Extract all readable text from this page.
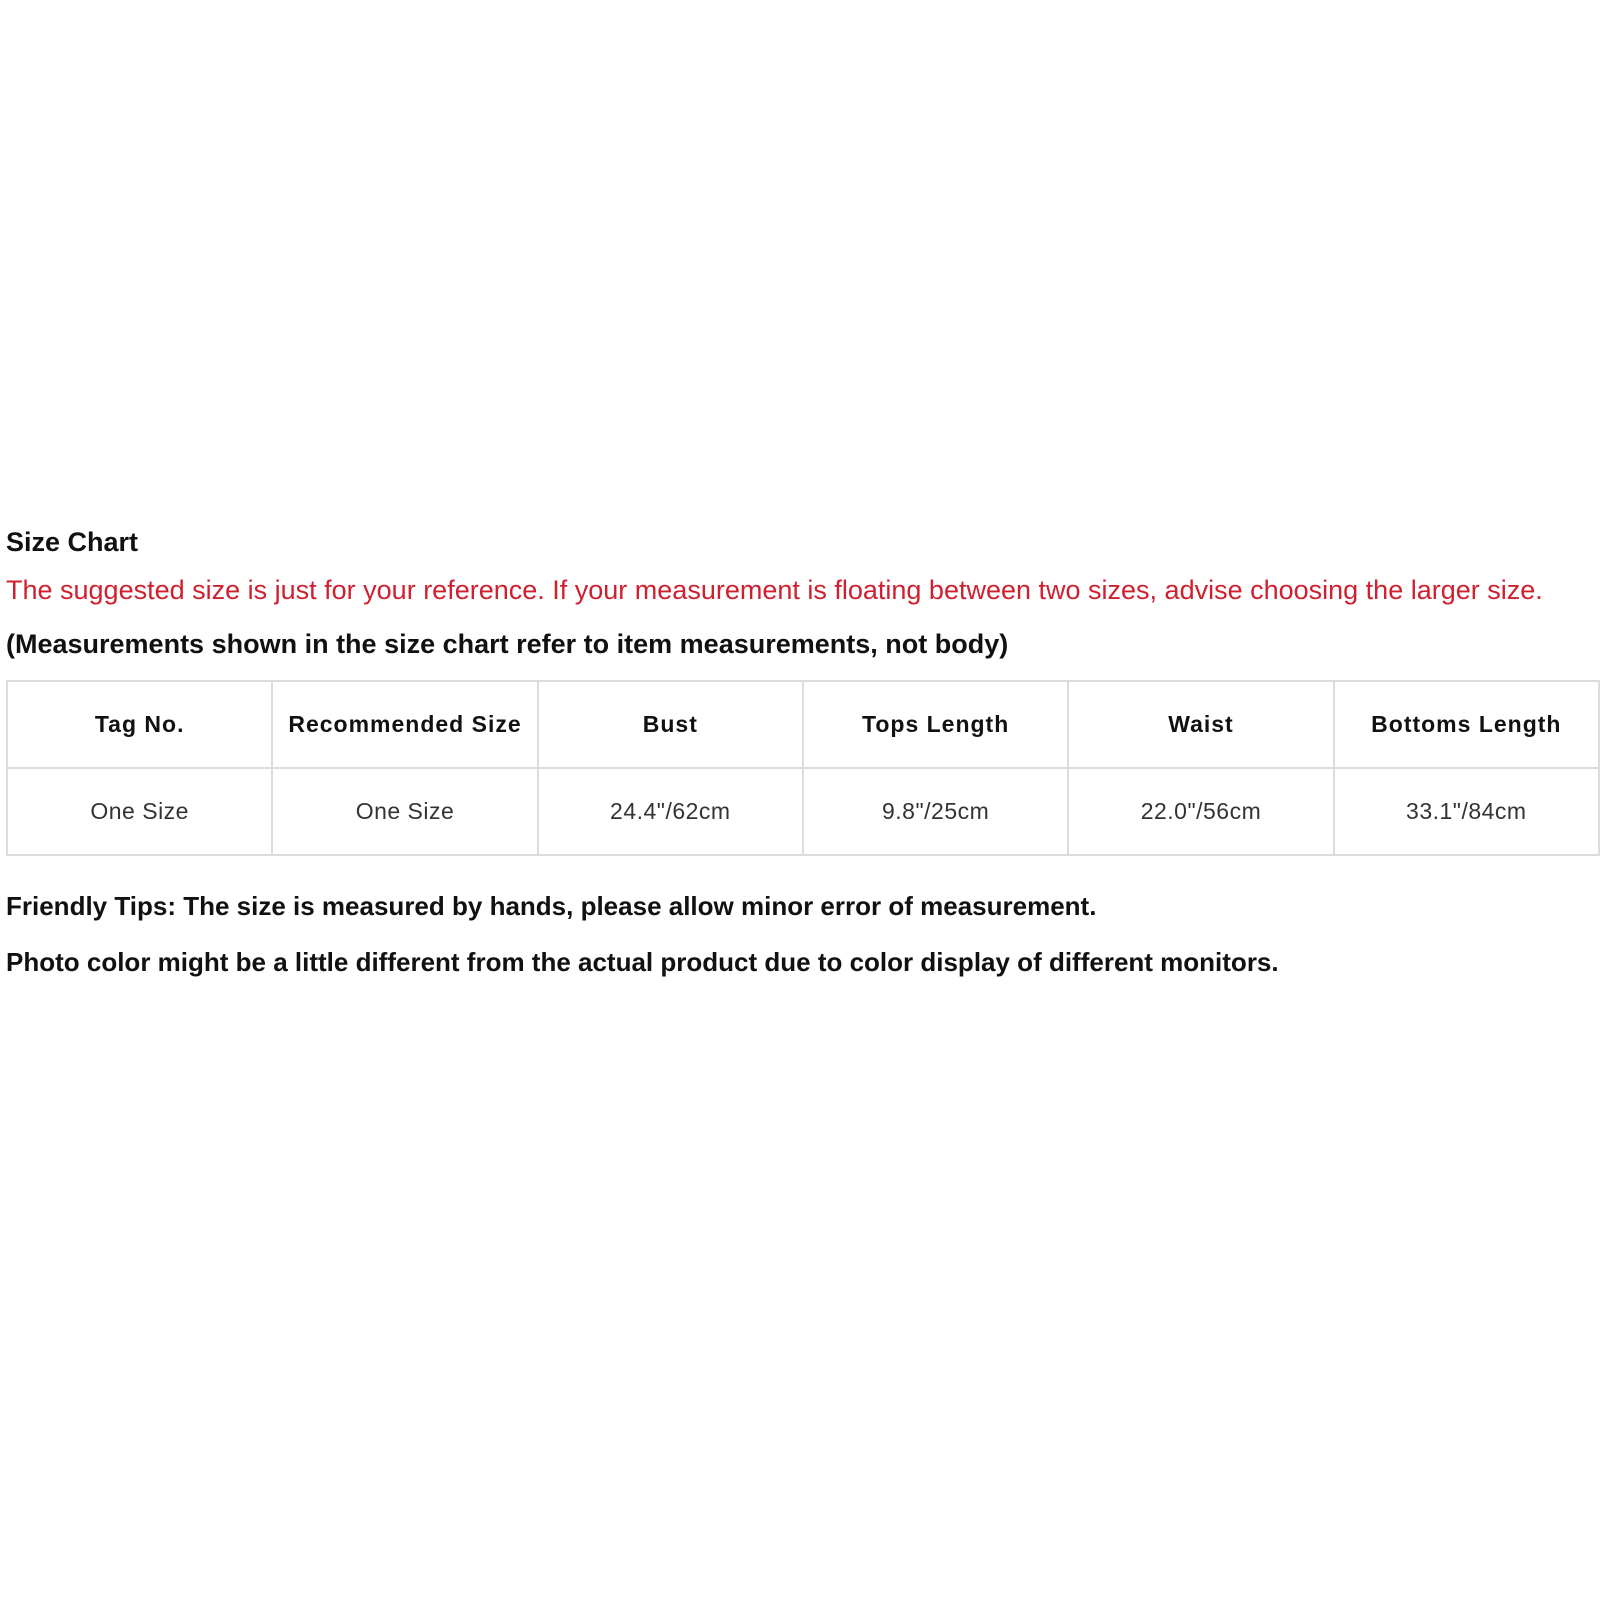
Size Chart

The suggested size is just for your reference. If your measurement is floating between two sizes, advise choosing the larger size.

(Measurements shown in the size chart refer to item measurements, not body)

Tag No.	Recommended Size	Bust	Tops Length	Waist	Bottoms Length
One Size	One Size	24.4"/62cm	9.8"/25cm	22.0"/56cm	33.1"/84cm

Friendly Tips: The size is measured by hands, please allow minor error of measurement.

Photo color might be a little different from the actual product due to color display of different monitors.
